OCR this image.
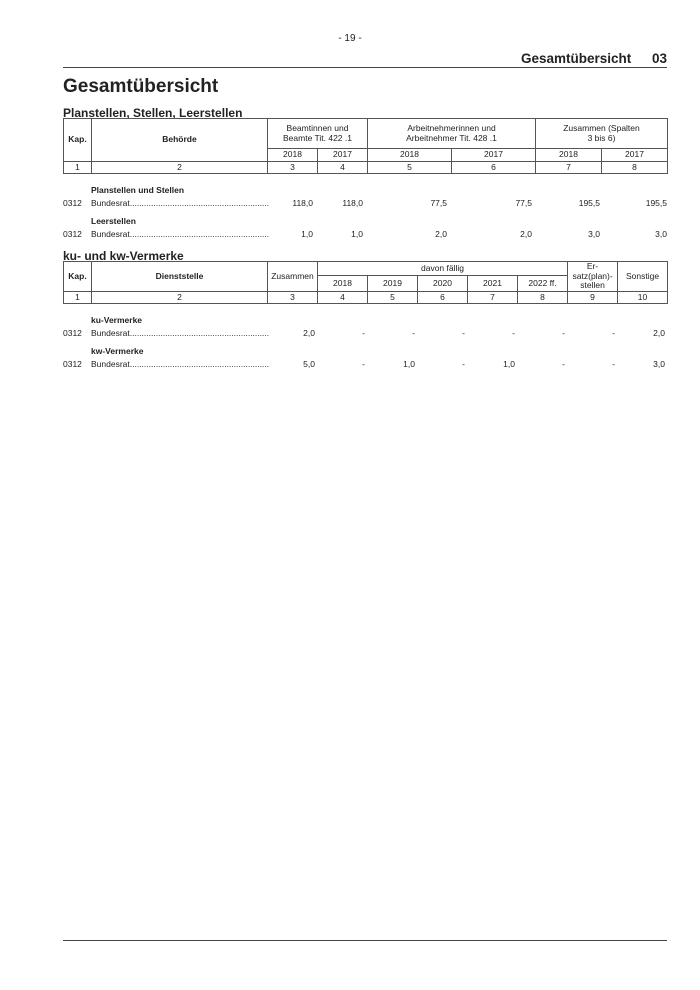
- 19 -
Gesamtübersicht 03
Gesamtübersicht
Planstellen, Stellen, Leerstellen
Kap.	Behörde	Beamtinnen und Beamte Tit. 422 .1		Arbeitnehmerinnen und Arbeitnehmer Tit. 428 .1		Zusammen (Spalten 3 bis 6)	

		2018	2017	2018	2017	2018	2017
1	2	3	4	5	6	7	8
Planstellen und Stellen
0312 Bundesrat...........................................................	118,0	118,0	77,5	77,5	195,5	195,5
Leerstellen
0312 Bundesrat...........................................................	1,0	1,0	2,0	2,0	3,0	3,0
ku- und kw-Vermerke
Kap.	Dienststelle	Zusammen	davon fällig					Er- satz(plan)- stellen	Sonstige
			2018	2019	2020	2021	2022 ff.		
1	2	3	4	5	6	7	8	9	10
ku-Vermerke
0312 Bundesrat...........................................................	2,0	-	-	-	-	-	-	2,0
kw-Vermerke
0312 Bundesrat...........................................................	5,0	-	1,0	-	1,0	-	-	3,0
